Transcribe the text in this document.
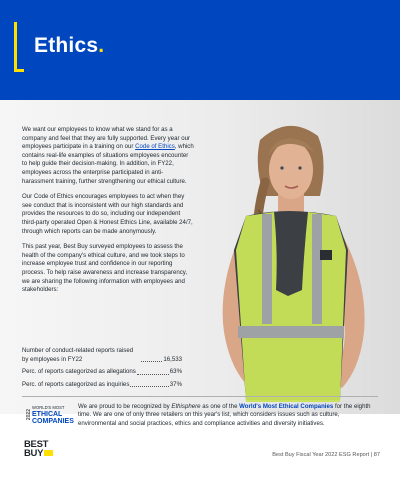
Ethics.

We want our employees to know what we stand for as a company and feel that they are fully supported. Every year our employees participate in a training on our Code of Ethics, which contains real-life examples of situations employees encounter to help guide their decision-making. In addition, in FY22, employees across the enterprise participated in anti-harassment training, further strengthening our ethical culture.

Our Code of Ethics encourages employees to act when they see conduct that is inconsistent with our high standards and provides the resources to do so, including our independent third-party operated Open & Honest Ethics Line, available 24/7, through which reports can be made anonymously.

This past year, Best Buy surveyed employees to assess the health of the company's ethical culture, and we took steps to increase employee trust and confidence in our reporting process. To help raise awareness and increase transparency, we are sharing the following information with employees and stakeholders:

Number of conduct-related reports raised by employees in FY22	16,533
Perc. of reports categorized as allegations	63%
Perc. of reports categorized as inquiries	37%
2022
WORLD'S MOST
ETHICAL
COMPANIES
We are proud to be recognized by Ethisphere as one of the World's Most Ethical Companies for the eighth time. We are one of only three retailers on this year's list, which considers issues such as culture, environmental and social practices, ethics and compliance activities and diversity initiatives.
BEST
BUY	Best Buy Fiscal Year 2022 ESG Report | 87
